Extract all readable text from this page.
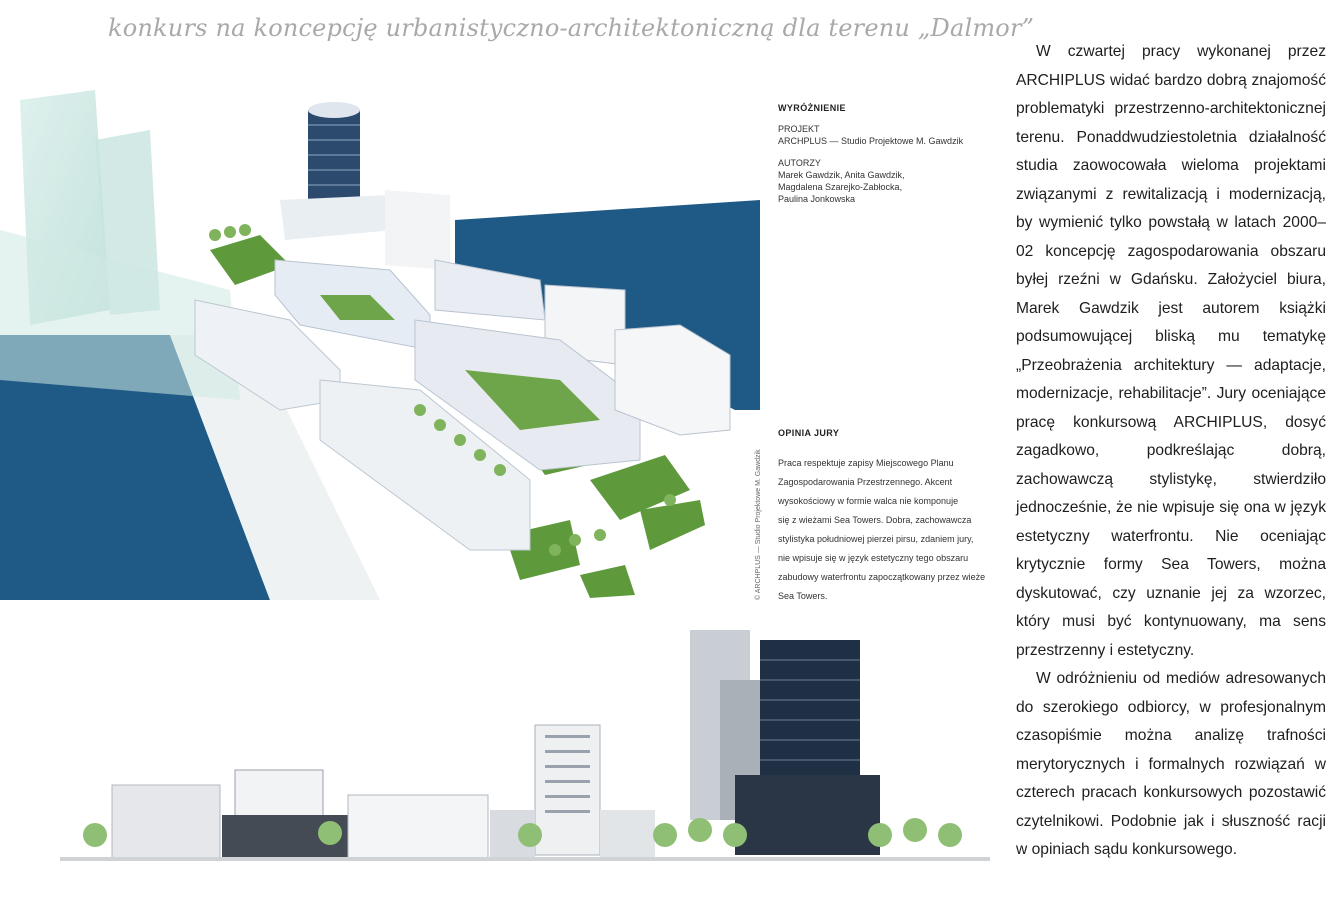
konkurs na koncepcję urbanistyczno-architektoniczną dla terenu „Dalmor”

WYRÓŻNIENIE

PROJEKT

ARCHPLUS — Studio Projektowe M. Gawdzik

AUTORZY

Marek Gawdzik, Anita Gawdzik,

Magdalena Szarejko-Zabłocka,

Paulina Jonkowska

OPINIA JURY

Praca respektuje zapisy Miejscowego Planu

Zagospodarowania Przestrzennego. Akcent

wysokościowy w formie walca nie komponuje

się z wieżami Sea Towers. Dobra, zachowawcza

stylistyka południowej pierzei pirsu, zdaniem jury,

nie wpisuje się w język estetyczny tego obszaru

zabudowy waterfrontu zapoczątkowany przez wieże

Sea Towers.

© ARCHPLUS — Studio Projektowe M. Gawdzik

W czwartej pracy wykonanej przez ARCHIPLUS widać bardzo dobrą znajomość problematyki przestrzenno-architektonicznej terenu. Ponaddwudziestoletnia działalność studia zaowocowała wieloma projektami związanymi z rewitalizacją i modernizacją, by wymienić tylko powstałą w latach 2000–02 koncepcję zagospodarowania obszaru byłej rzeźni w Gdańsku. Założyciel biura, Marek Gawdzik jest autorem książki podsumowującej bliską mu tematykę „Przeobrażenia architektury — adaptacje, modernizacje, rehabilitacje”. Jury oceniające pracę konkursową ARCHIPLUS, dosyć zagadkowo, podkreślając dobrą, zachowawczą stylistykę, stwierdziło jednocześnie, że nie wpisuje się ona w język estetyczny waterfrontu. Nie oceniając krytycznie formy Sea Towers, można dyskutować, czy uznanie jej za wzorzec, który musi być kontynuowany, ma sens przestrzenny i estetyczny.

W odróżnieniu od mediów adresowanych do szerokiego odbiorcy, w profesjonalnym czasopiśmie można analizę trafności merytorycznych i formalnych rozwiązań w czterech pracach konkursowych pozostawić czytelnikowi. Podobnie jak i słuszność racji w opiniach sądu konkursowego.
